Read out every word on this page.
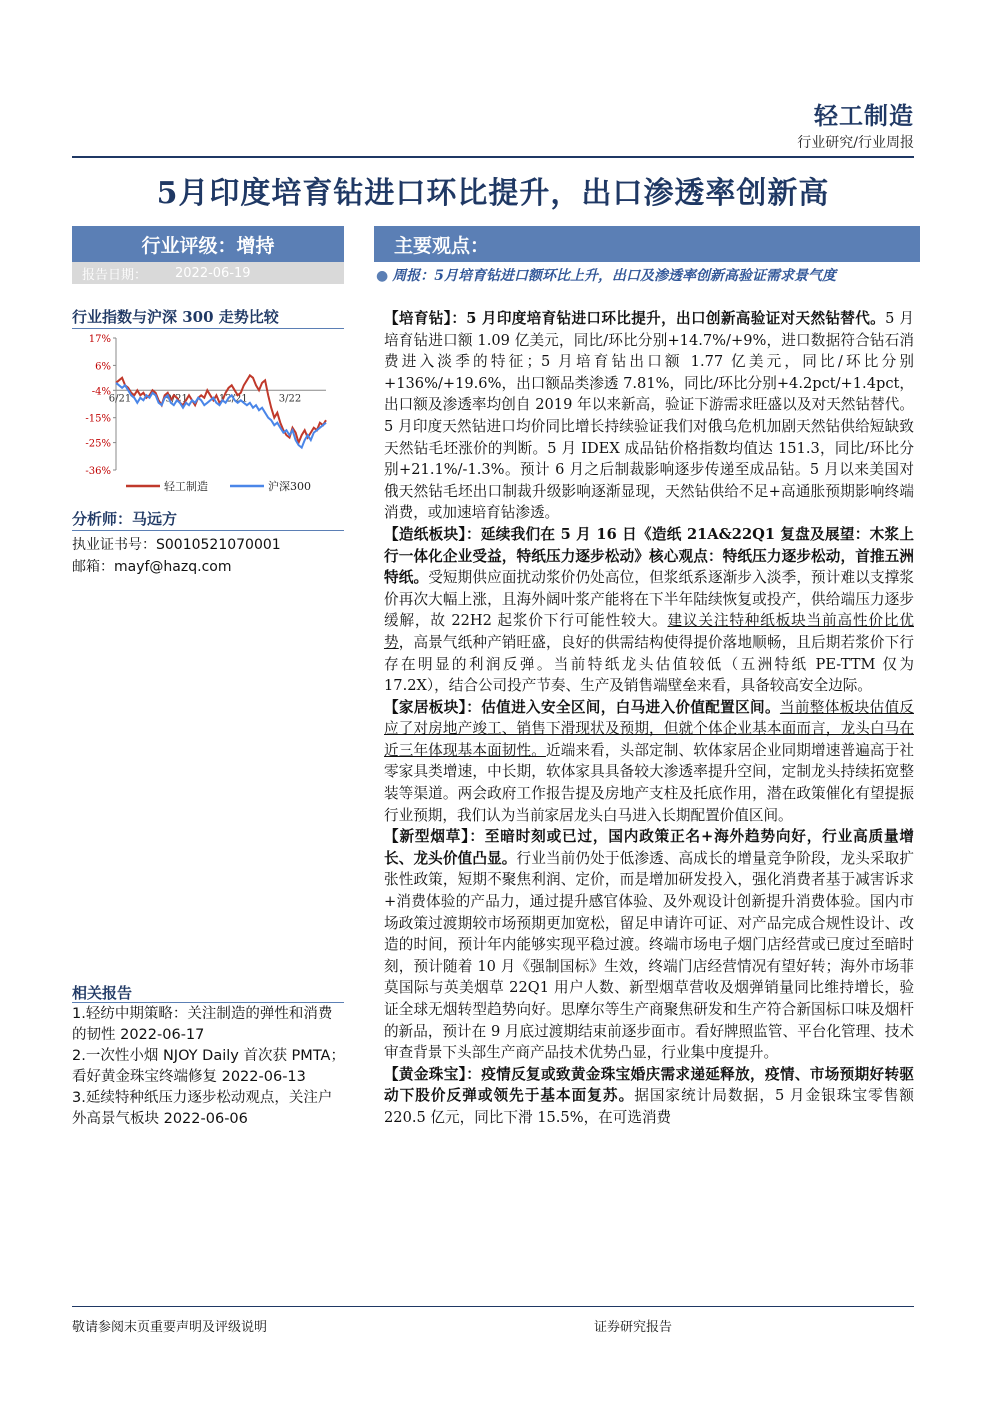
轻工制造
行业研究/行业周报
5月印度培育钻进口环比提升，出口渗透率创新高
行业评级：增持
报告日期： 2022-06-19
行业指数与沪深 300 走势比较
17%
6%
-4%
-15%
-25%
-36%
6/21	9/21	12/21	3/22
轻工制造	沪深300
分析师：马远方
执业证书号：S0010521070001
邮箱：mayf@hazq.com
相关报告
1.轻纺中期策略：关注制造的弹性和消费的韧性 2022-06-17
2.一次性小烟 NJOY Daily 首次获 PMTA；看好黄金珠宝终端修复 2022-06-13
3.延续特种纸压力逐步松动观点，关注户外高景气板块 2022-06-06
主要观点：
● 周报：5月培育钻进口额环比上升，出口及渗透率创新高验证需求景气度

【培育钻】：5 月印度培育钻进口环比提升，出口创新高验证对天然钻替代。5 月培育钻进口额 1.09 亿美元，同比/环比分别+14.7%/+9%，进口数据符合钻石消费进入淡季的特征；5 月培育钻出口额 1.77 亿美元，同比/环比分别+136%/+19.6%，出口额品类渗透 7.81%，同比/环比分别+4.2pct/+1.4pct，出口额及渗透率均创自 2019 年以来新高，验证下游需求旺盛以及对天然钻替代。5 月印度天然钻进口均价同比增长持续验证我们对俄乌危机加剧天然钻供给短缺致天然钻毛坯涨价的判断。5 月 IDEX 成品钻价格指数均值达 151.3，同比/环比分别+21.1%/-1.3%。预计 6 月之后制裁影响逐步传递至成品钻。5 月以来美国对俄天然钻毛坯出口制裁升级影响逐渐显现，天然钻供给不足+高通胀预期影响终端消费，或加速培育钻渗透。

【造纸板块】：延续我们在 5 月 16 日《造纸 21A&22Q1 复盘及展望：木浆上行一体化企业受益，特纸压力逐步松动》核心观点：特纸压力逐步松动，首推五洲特纸。受短期供应面扰动浆价仍处高位，但浆纸系逐渐步入淡季，预计难以支撑浆价再次大幅上涨，且海外阔叶浆产能将在下半年陆续恢复或投产，供给端压力逐步缓解，故 22H2 起浆价下行可能性较大。建议关注特种纸板块当前高性价比优势，高景气纸种产销旺盛，良好的供需结构使得提价落地顺畅，且后期若浆价下行存在明显的利润反弹。当前特纸龙头估值较低（五洲特纸 PE-TTM 仅为 17.2X），结合公司投产节奏、生产及销售端壁垒来看，具备较高安全边际。

【家居板块】：估值进入安全区间，白马进入价值配置区间。当前整体板块估值反应了对房地产竣工、销售下滑现状及预期，但就个体企业基本面而言，龙头白马在近三年体现基本面韧性。近端来看，头部定制、软体家居企业同期增速普遍高于社零家具类增速，中长期，软体家具具备较大渗透率提升空间，定制龙头持续拓宽整装等渠道。两会政府工作报告提及房地产支柱及托底作用，潜在政策催化有望提振行业预期，我们认为当前家居龙头白马进入长期配置价值区间。

【新型烟草】：至暗时刻或已过，国内政策正名+海外趋势向好，行业高质量增长、龙头价值凸显。行业当前仍处于低渗透、高成长的增量竞争阶段，龙头采取扩张性政策，短期不聚焦利润、定价，而是增加研发投入，强化消费者基于减害诉求+消费体验的产品力，通过提升感官体验、及外观设计创新提升消费体验。国内市场政策过渡期较市场预期更加宽松，留足申请许可证、对产品完成合规性设计、改造的时间，预计年内能够实现平稳过渡。终端市场电子烟门店经营或已度过至暗时刻，预计随着 10 月《强制国标》生效，终端门店经营情况有望好转；海外市场菲莫国际与英美烟草 22Q1 用户人数、新型烟草营收及烟弹销量同比维持增长，验证全球无烟转型趋势向好。思摩尔等生产商聚焦研发和生产符合新国标口味及烟杆的新品，预计在 9 月底过渡期结束前逐步面市。看好牌照监管、平台化管理、技术审查背景下头部生产商产品技术优势凸显，行业集中度提升。

【黄金珠宝】：疫情反复或致黄金珠宝婚庆需求递延释放，疫情、市场预期好转驱动下股价反弹或领先于基本面复苏。据国家统计局数据，5 月金银珠宝零售额 220.5 亿元，同比下滑 15.5%，在可选消费

敬请参阅末页重要声明及评级说明	证券研究报告
